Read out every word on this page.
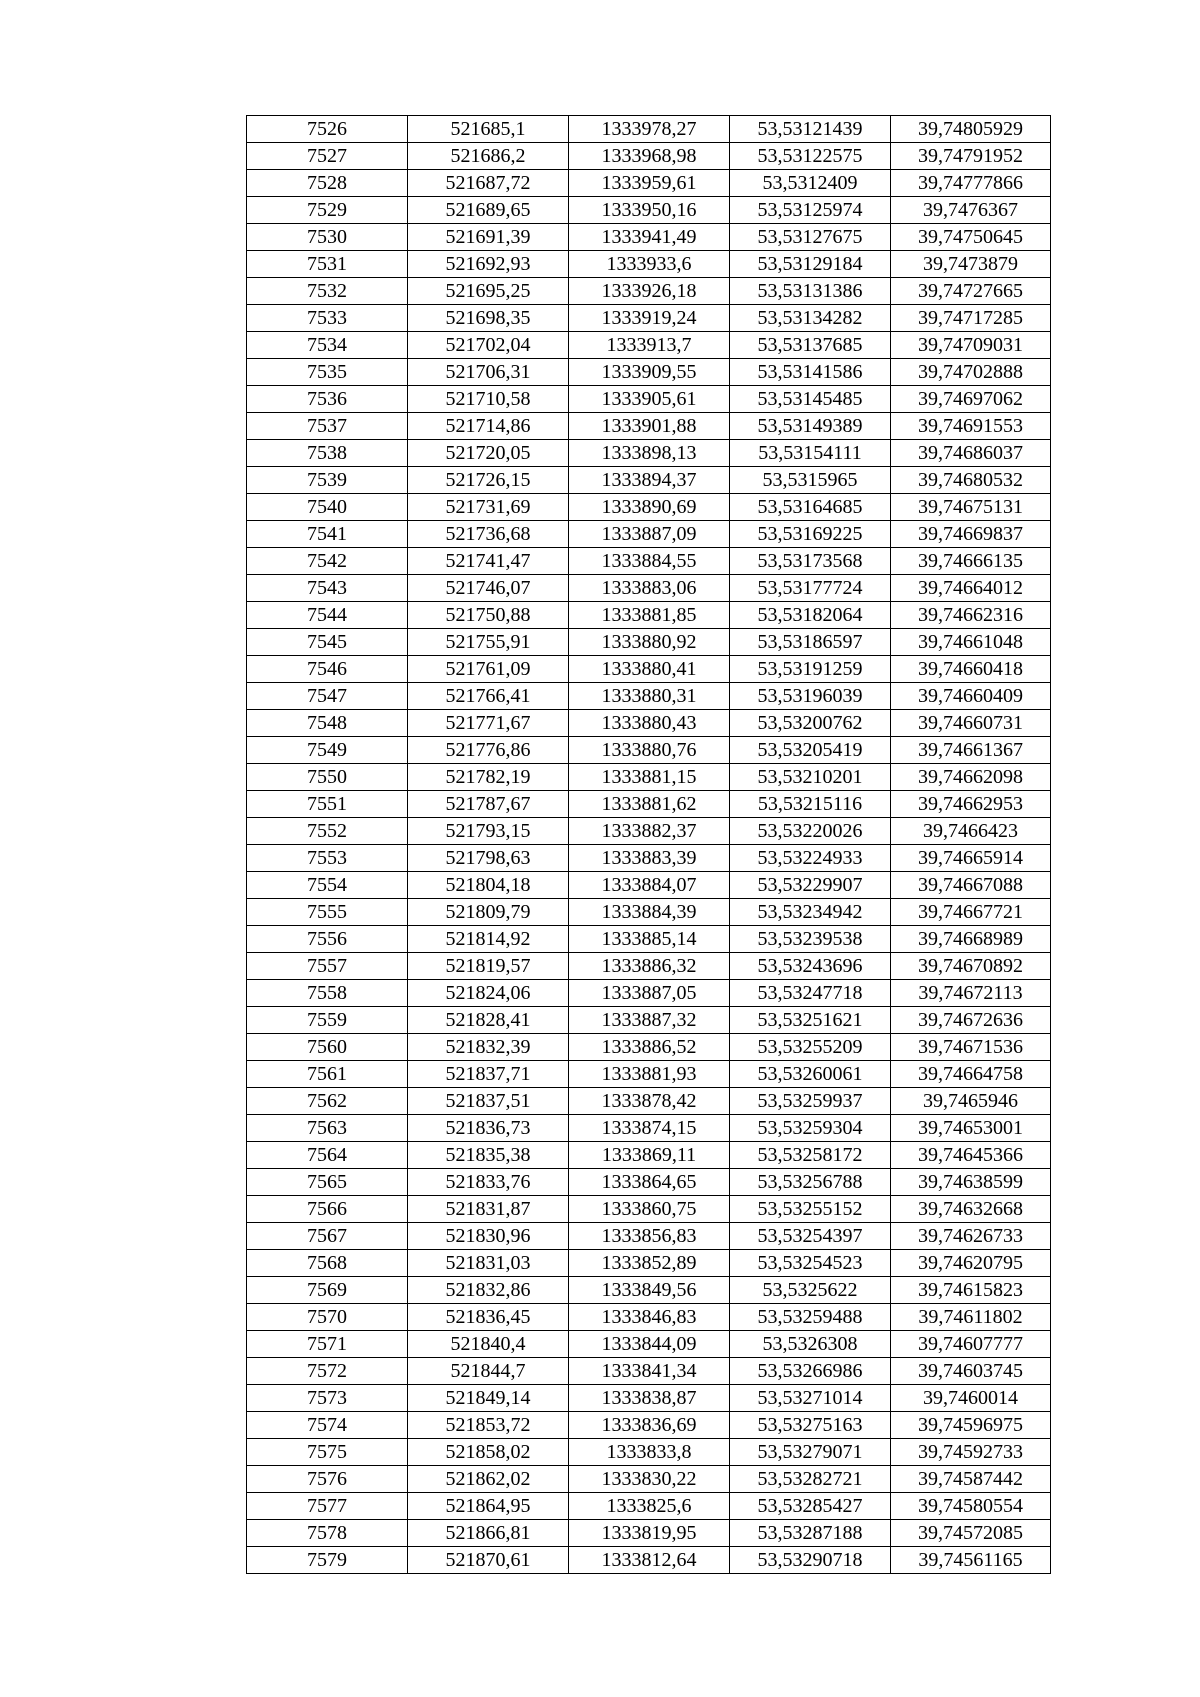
7526	521685,1	1333978,27	53,53121439	39,74805929
7527	521686,2	1333968,98	53,53122575	39,74791952
7528	521687,72	1333959,61	53,5312409	39,74777866
7529	521689,65	1333950,16	53,53125974	39,7476367
7530	521691,39	1333941,49	53,53127675	39,74750645
7531	521692,93	1333933,6	53,53129184	39,7473879
7532	521695,25	1333926,18	53,53131386	39,74727665
7533	521698,35	1333919,24	53,53134282	39,74717285
7534	521702,04	1333913,7	53,53137685	39,74709031
7535	521706,31	1333909,55	53,53141586	39,74702888
7536	521710,58	1333905,61	53,53145485	39,74697062
7537	521714,86	1333901,88	53,53149389	39,74691553
7538	521720,05	1333898,13	53,53154111	39,74686037
7539	521726,15	1333894,37	53,5315965	39,74680532
7540	521731,69	1333890,69	53,53164685	39,74675131
7541	521736,68	1333887,09	53,53169225	39,74669837
7542	521741,47	1333884,55	53,53173568	39,74666135
7543	521746,07	1333883,06	53,53177724	39,74664012
7544	521750,88	1333881,85	53,53182064	39,74662316
7545	521755,91	1333880,92	53,53186597	39,74661048
7546	521761,09	1333880,41	53,53191259	39,74660418
7547	521766,41	1333880,31	53,53196039	39,74660409
7548	521771,67	1333880,43	53,53200762	39,74660731
7549	521776,86	1333880,76	53,53205419	39,74661367
7550	521782,19	1333881,15	53,53210201	39,74662098
7551	521787,67	1333881,62	53,53215116	39,74662953
7552	521793,15	1333882,37	53,53220026	39,7466423
7553	521798,63	1333883,39	53,53224933	39,74665914
7554	521804,18	1333884,07	53,53229907	39,74667088
7555	521809,79	1333884,39	53,53234942	39,74667721
7556	521814,92	1333885,14	53,53239538	39,74668989
7557	521819,57	1333886,32	53,53243696	39,74670892
7558	521824,06	1333887,05	53,53247718	39,74672113
7559	521828,41	1333887,32	53,53251621	39,74672636
7560	521832,39	1333886,52	53,53255209	39,74671536
7561	521837,71	1333881,93	53,53260061	39,74664758
7562	521837,51	1333878,42	53,53259937	39,7465946
7563	521836,73	1333874,15	53,53259304	39,74653001
7564	521835,38	1333869,11	53,53258172	39,74645366
7565	521833,76	1333864,65	53,53256788	39,74638599
7566	521831,87	1333860,75	53,53255152	39,74632668
7567	521830,96	1333856,83	53,53254397	39,74626733
7568	521831,03	1333852,89	53,53254523	39,74620795
7569	521832,86	1333849,56	53,5325622	39,74615823
7570	521836,45	1333846,83	53,53259488	39,74611802
7571	521840,4	1333844,09	53,5326308	39,74607777
7572	521844,7	1333841,34	53,53266986	39,74603745
7573	521849,14	1333838,87	53,53271014	39,7460014
7574	521853,72	1333836,69	53,53275163	39,74596975
7575	521858,02	1333833,8	53,53279071	39,74592733
7576	521862,02	1333830,22	53,53282721	39,74587442
7577	521864,95	1333825,6	53,53285427	39,74580554
7578	521866,81	1333819,95	53,53287188	39,74572085
7579	521870,61	1333812,64	53,53290718	39,74561165
